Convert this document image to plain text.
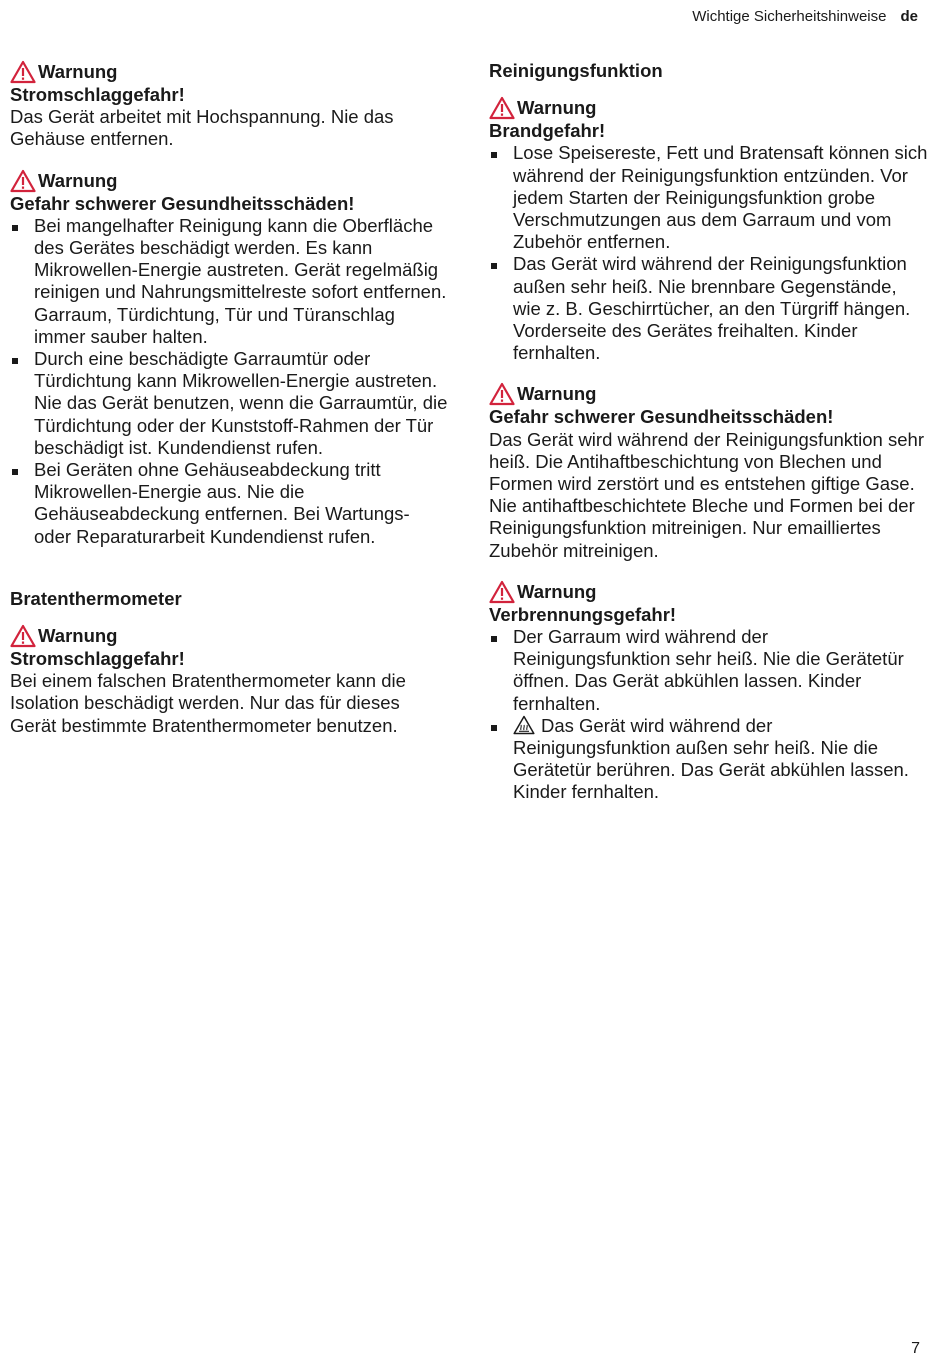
Wichtige Sicherheitshinweise de
Warnung
Stromschlaggefahr!

Das Gerät arbeitet mit Hochspannung. Nie das Gehäuse entfernen.

Warnung
Gefahr schwerer Gesundheitsschäden!
Bei mangelhafter Reinigung kann die Oberfläche des Gerätes beschädigt werden. Es kann Mikrowellen-Energie austreten. Gerät regelmäßig reinigen und Nahrungsmittelreste sofort entfernen. Garraum, Türdichtung, Tür und Türanschlag immer sauber halten.
Durch eine beschädigte Garraumtür oder Türdichtung kann Mikrowellen-Energie austreten. Nie das Gerät benutzen, wenn die Garraumtür, die Türdichtung oder der Kunststoff-Rahmen der Tür beschädigt ist. Kundendienst rufen.
Bei Geräten ohne Gehäuseabdeckung tritt Mikrowellen-Energie aus. Nie die Gehäuseabdeckung entfernen. Bei Wartungs- oder Reparaturarbeit Kundendienst rufen.
Bratenthermometer
Warnung
Stromschlaggefahr!

Bei einem falschen Bratenthermometer kann die Isolation beschädigt werden. Nur das für dieses Gerät bestimmte Bratenthermometer benutzen.

Reinigungsfunktion
Warnung
Brandgefahr!
Lose Speisereste, Fett und Bratensaft können sich während der Reinigungsfunktion entzünden. Vor jedem Starten der Reinigungsfunktion grobe Verschmutzungen aus dem Garraum und vom Zubehör entfernen.
Das Gerät wird während der Reinigungsfunktion außen sehr heiß. Nie brennbare Gegenstände, wie z. B. Geschirrtücher, an den Türgriff hängen. Vorderseite des Gerätes freihalten. Kinder fernhalten.
Warnung
Gefahr schwerer Gesundheitsschäden!

Das Gerät wird während der Reinigungsfunktion sehr heiß. Die Antihaftbeschichtung von Blechen und Formen wird zerstört und es entstehen giftige Gase. Nie antihaftbeschichtete Bleche und Formen bei der Reinigungsfunktion mitreinigen. Nur emailliertes Zubehör mitreinigen.

Warnung
Verbrennungsgefahr!
Der Garraum wird während der Reinigungsfunktion sehr heiß. Nie die Gerätetür öffnen. Das Gerät abkühlen lassen. Kinder fernhalten.
Das Gerät wird während der Reinigungsfunktion außen sehr heiß. Nie die Gerätetür berühren. Das Gerät abkühlen lassen. Kinder fernhalten.
7
